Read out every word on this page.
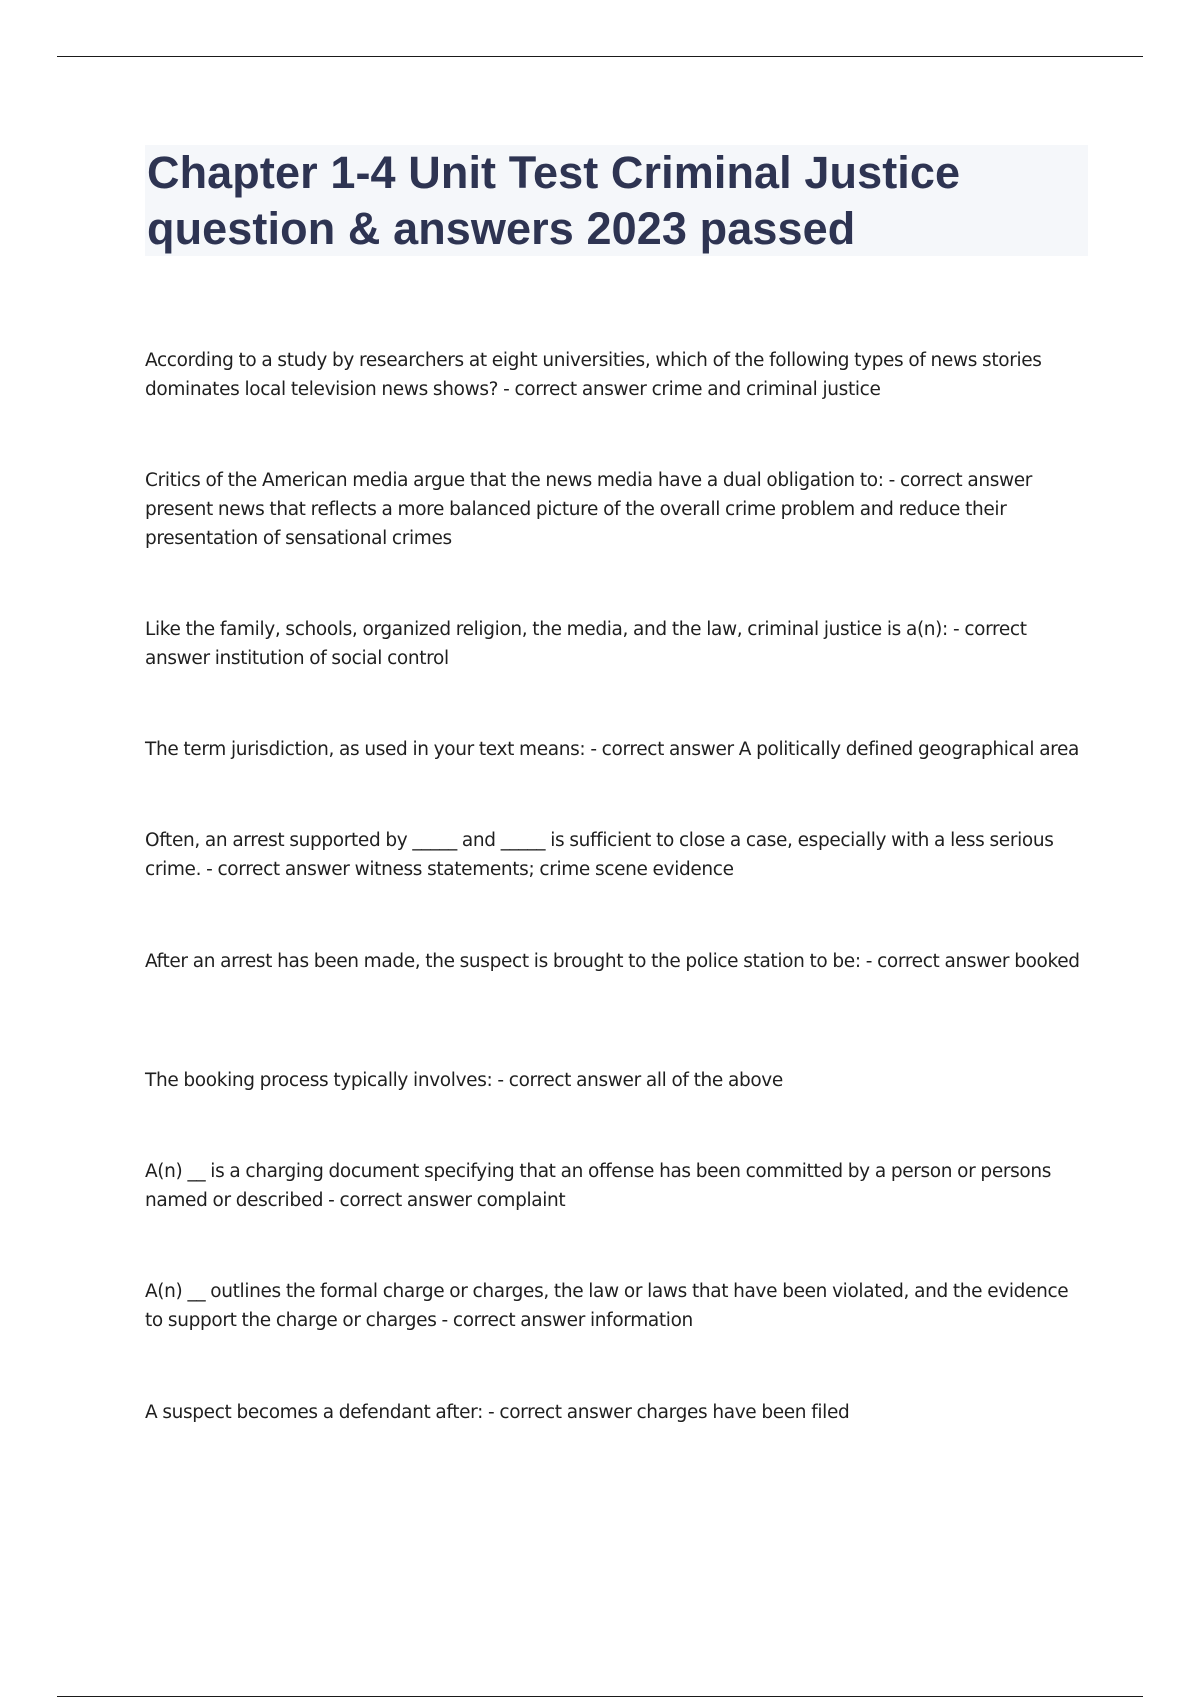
Chapter 1-4 Unit Test Criminal Justice question & answers 2023 passed

According to a study by researchers at eight universities, which of the following types of news stories dominates local television news shows? - correct answer crime and criminal justice

Critics of the American media argue that the news media have a dual obligation to: - correct answer present news that reflects a more balanced picture of the overall crime problem and reduce their presentation of sensational crimes

Like the family, schools, organized religion, the media, and the law, criminal justice is a(n): - correct answer institution of social control

The term jurisdiction, as used in your text means: - correct answer A politically defined geographical area

Often, an arrest supported by _____ and _____ is sufficient to close a case, especially with a less serious crime. - correct answer witness statements; crime scene evidence

After an arrest has been made, the suspect is brought to the police station to be: - correct answer booked

The booking process typically involves: - correct answer all of the above

A(n) __ is a charging document specifying that an offense has been committed by a person or persons named or described - correct answer complaint

A(n) __ outlines the formal charge or charges, the law or laws that have been violated, and the evidence to support the charge or charges - correct answer information

A suspect becomes a defendant after: - correct answer charges have been filed
